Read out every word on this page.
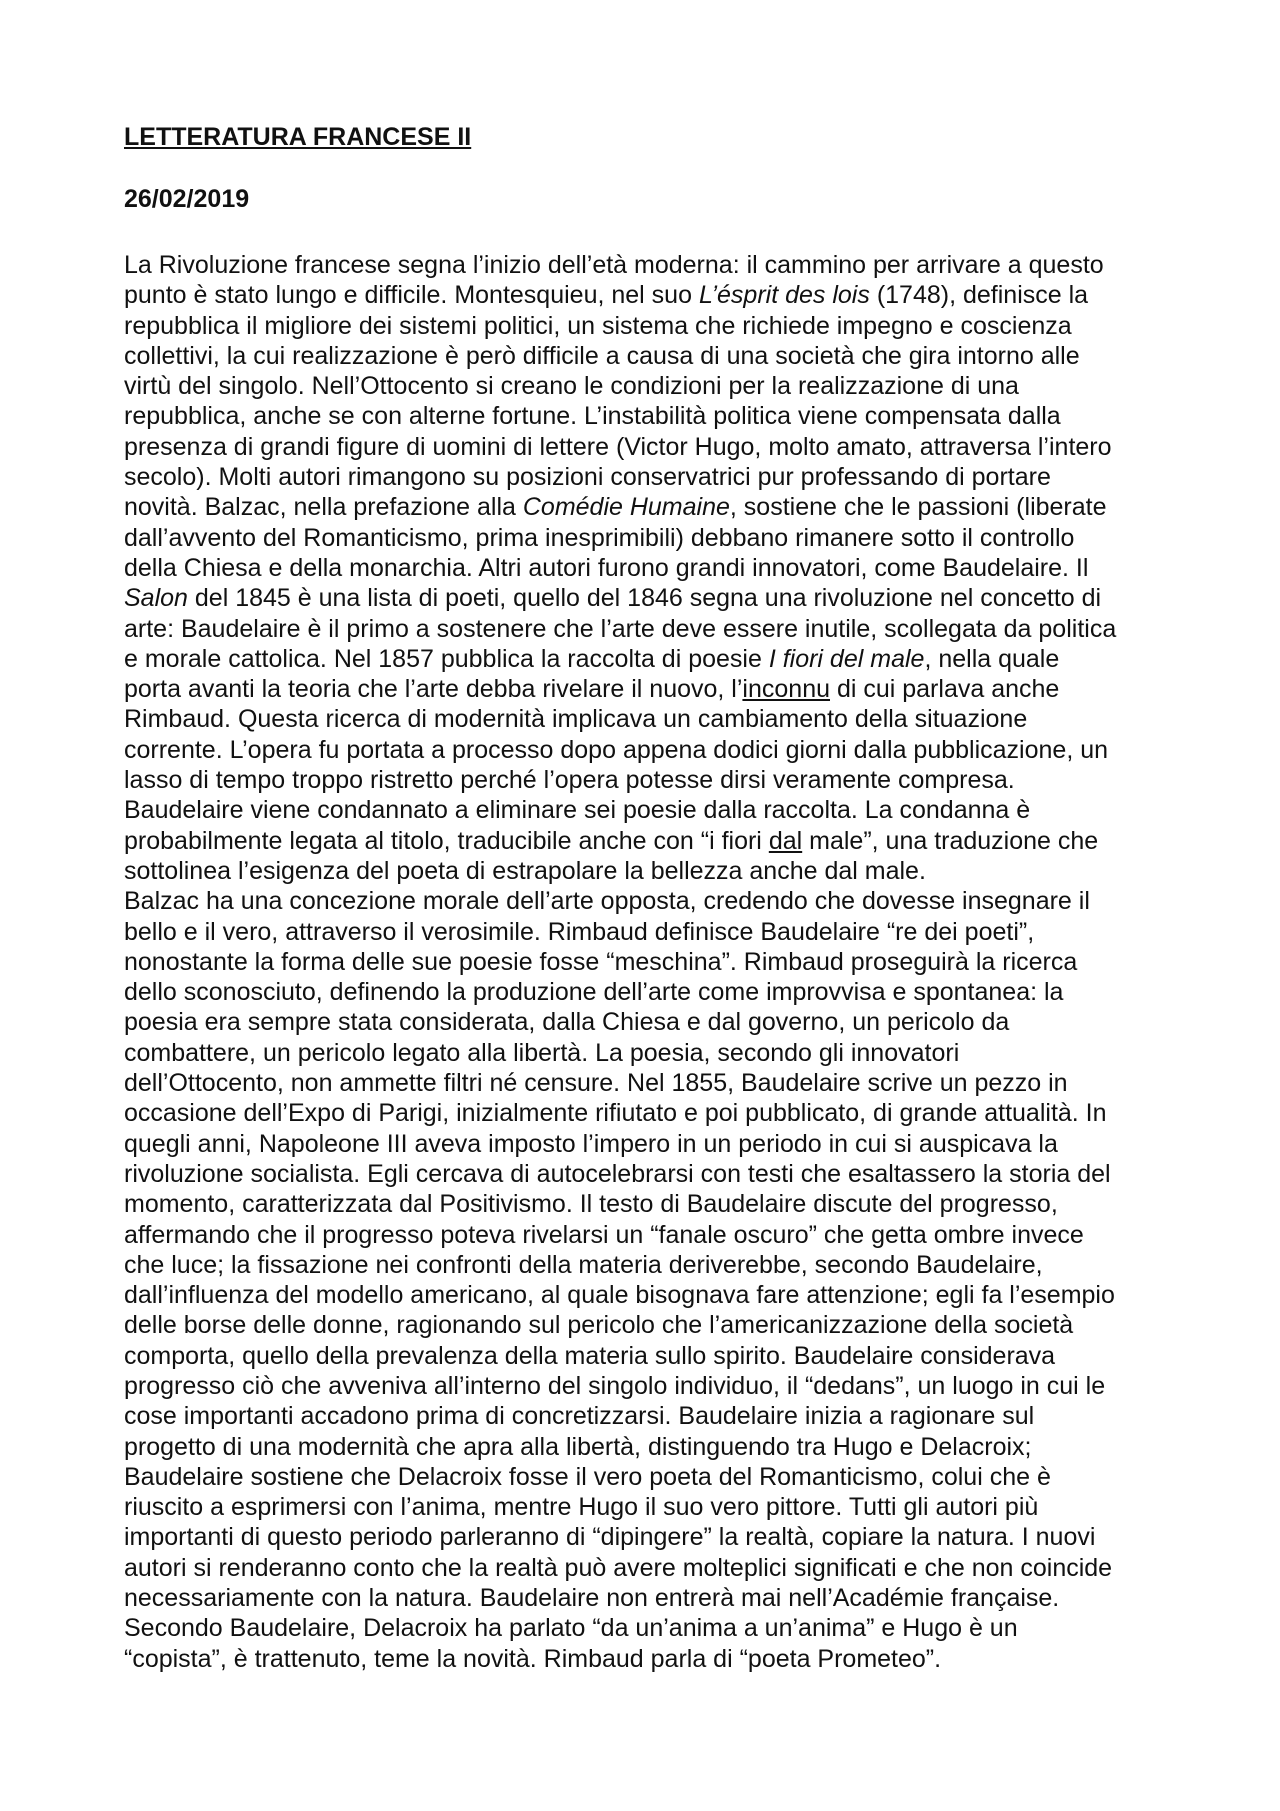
LETTERATURA FRANCESE II

26/02/2019

La Rivoluzione francese segna l’inizio dell’età moderna: il cammino per arrivare a questo
punto è stato lungo e difficile. Montesquieu, nel suo L’ésprit des lois (1748), definisce la
repubblica il migliore dei sistemi politici, un sistema che richiede impegno e coscienza
collettivi, la cui realizzazione è però difficile a causa di una società che gira intorno alle
virtù del singolo. Nell’Ottocento si creano le condizioni per la realizzazione di una
repubblica, anche se con alterne fortune. L’instabilità politica viene compensata dalla
presenza di grandi figure di uomini di lettere (Victor Hugo, molto amato, attraversa l’intero
secolo). Molti autori rimangono su posizioni conservatrici pur professando di portare
novità. Balzac, nella prefazione alla Comédie Humaine, sostiene che le passioni (liberate
dall’avvento del Romanticismo, prima inesprimibili) debbano rimanere sotto il controllo
della Chiesa e della monarchia. Altri autori furono grandi innovatori, come Baudelaire. Il
Salon del 1845 è una lista di poeti, quello del 1846 segna una rivoluzione nel concetto di
arte: Baudelaire è il primo a sostenere che l’arte deve essere inutile, scollegata da politica
e morale cattolica. Nel 1857 pubblica la raccolta di poesie I fiori del male, nella quale
porta avanti la teoria che l’arte debba rivelare il nuovo, l’inconnu di cui parlava anche
Rimbaud. Questa ricerca di modernità implicava un cambiamento della situazione
corrente. L’opera fu portata a processo dopo appena dodici giorni dalla pubblicazione, un
lasso di tempo troppo ristretto perché l’opera potesse dirsi veramente compresa.
Baudelaire viene condannato a eliminare sei poesie dalla raccolta. La condanna è
probabilmente legata al titolo, traducibile anche con “i fiori dal male”, una traduzione che
sottolinea l’esigenza del poeta di estrapolare la bellezza anche dal male.
Balzac ha una concezione morale dell’arte opposta, credendo che dovesse insegnare il
bello e il vero, attraverso il verosimile. Rimbaud definisce Baudelaire “re dei poeti”,
nonostante la forma delle sue poesie fosse “meschina”. Rimbaud proseguirà la ricerca
dello sconosciuto, definendo la produzione dell’arte come improvvisa e spontanea: la
poesia era sempre stata considerata, dalla Chiesa e dal governo, un pericolo da
combattere, un pericolo legato alla libertà. La poesia, secondo gli innovatori
dell’Ottocento, non ammette filtri né censure. Nel 1855, Baudelaire scrive un pezzo in
occasione dell’Expo di Parigi, inizialmente rifiutato e poi pubblicato, di grande attualità. In
quegli anni, Napoleone III aveva imposto l’impero in un periodo in cui si auspicava la
rivoluzione socialista. Egli cercava di autocelebrarsi con testi che esaltassero la storia del
momento, caratterizzata dal Positivismo. Il testo di Baudelaire discute del progresso,
affermando che il progresso poteva rivelarsi un “fanale oscuro” che getta ombre invece
che luce; la fissazione nei confronti della materia deriverebbe, secondo Baudelaire,
dall’influenza del modello americano, al quale bisognava fare attenzione; egli fa l’esempio
delle borse delle donne, ragionando sul pericolo che l’americanizzazione della società
comporta, quello della prevalenza della materia sullo spirito. Baudelaire considerava
progresso ciò che avveniva all’interno del singolo individuo, il “dedans”, un luogo in cui le
cose importanti accadono prima di concretizzarsi. Baudelaire inizia a ragionare sul
progetto di una modernità che apra alla libertà, distinguendo tra Hugo e Delacroix;
Baudelaire sostiene che Delacroix fosse il vero poeta del Romanticismo, colui che è
riuscito a esprimersi con l’anima, mentre Hugo il suo vero pittore. Tutti gli autori più
importanti di questo periodo parleranno di “dipingere” la realtà, copiare la natura. I nuovi
autori si renderanno conto che la realtà può avere molteplici significati e che non coincide
necessariamente con la natura. Baudelaire non entrerà mai nell’Académie française.
Secondo Baudelaire, Delacroix ha parlato “da un’anima a un’anima” e Hugo è un
“copista”, è trattenuto, teme la novità. Rimbaud parla di “poeta Prometeo”.
